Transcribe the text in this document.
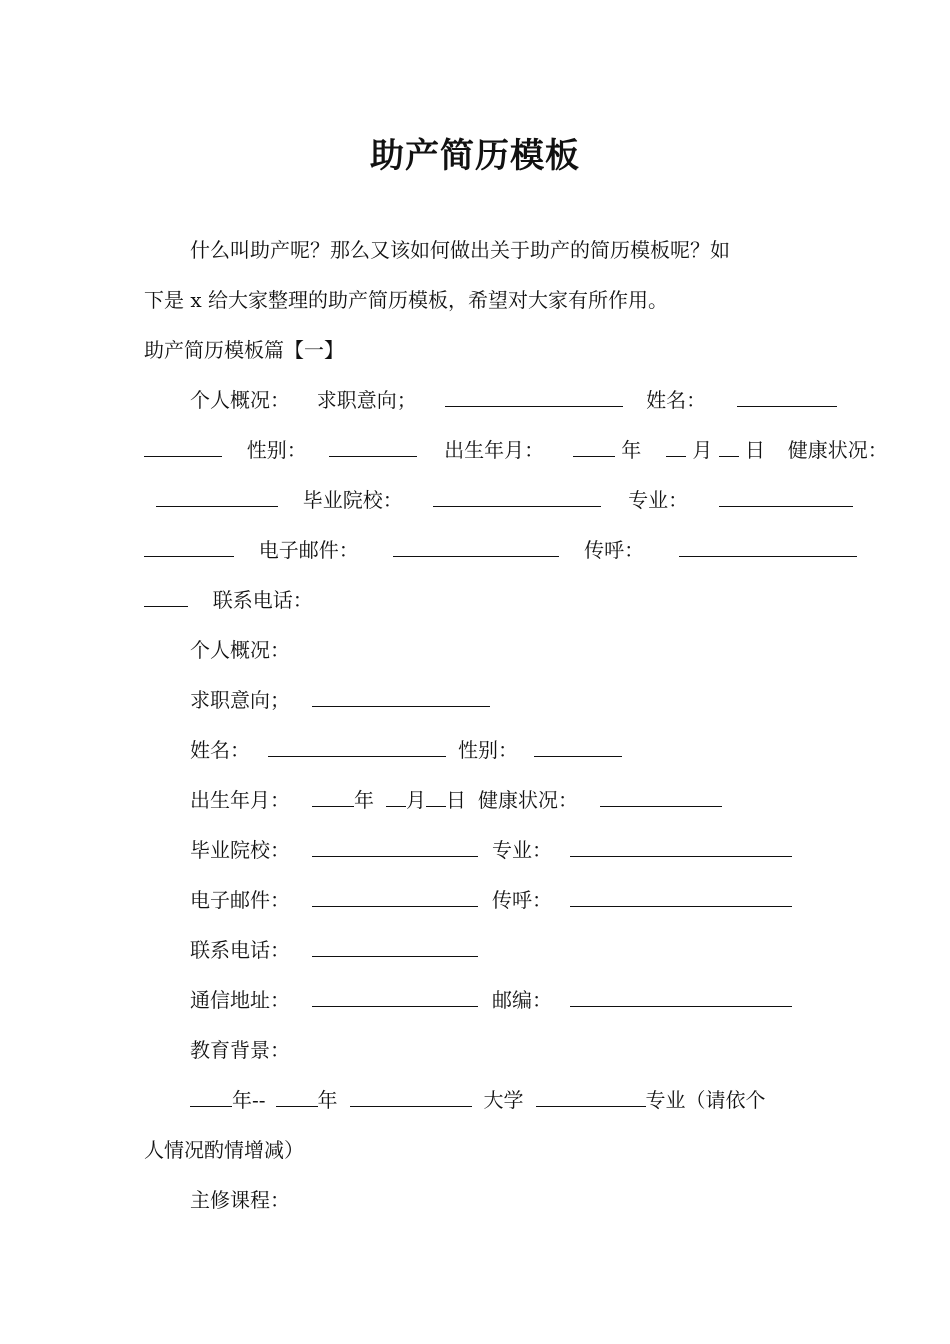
助产简历模板
什么叫助产呢？那么又该如何做出关于助产的简历模板呢？如
下是 x 给大家整理的助产简历模板，希望对大家有所作用。
助产简历模板篇【一】
个人概况： 求职意向；	姓名：
性别：	出生年月：	年	月 日 健康状况：
毕业院校：	专业：
电子邮件：	传呼：
联系电话：
个人概况：
求职意向；
姓名：	性别：
出生年月：	年 月 日 健康状况：
毕业院校：	专业：
电子邮件：	传呼：
联系电话：
通信地址：	邮编：
教育背景：
年--	年	大学	专业（请依个
人情况酌情增减）
主修课程：
